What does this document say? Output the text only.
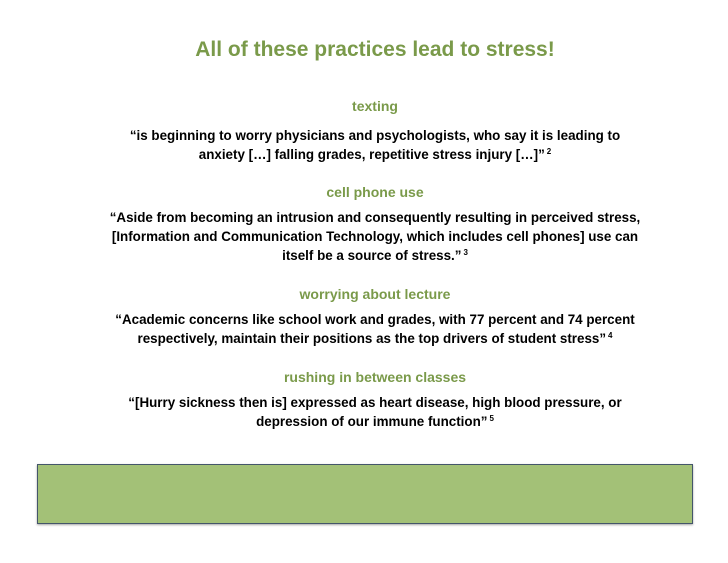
All of these practices lead to stress!
texting
“is beginning to worry physicians and psychologists, who say it is leading to
anxiety […] falling grades, repetitive stress injury […]” $^2$
cell phone use
“Aside from becoming an intrusion and consequently resulting in perceived stress,
[Information and Communication Technology, which includes cell phones] use can
itself be a source of stress.” $^3$
worrying about lecture
“Academic concerns like school work and grades, with 77 percent and 74 percent
respectively, maintain their positions as the top drivers of student stress” $^4$
rushing in between classes
“[Hurry sickness then is] expressed as heart disease, high blood pressure, or
depression of our immune function” $^5$
